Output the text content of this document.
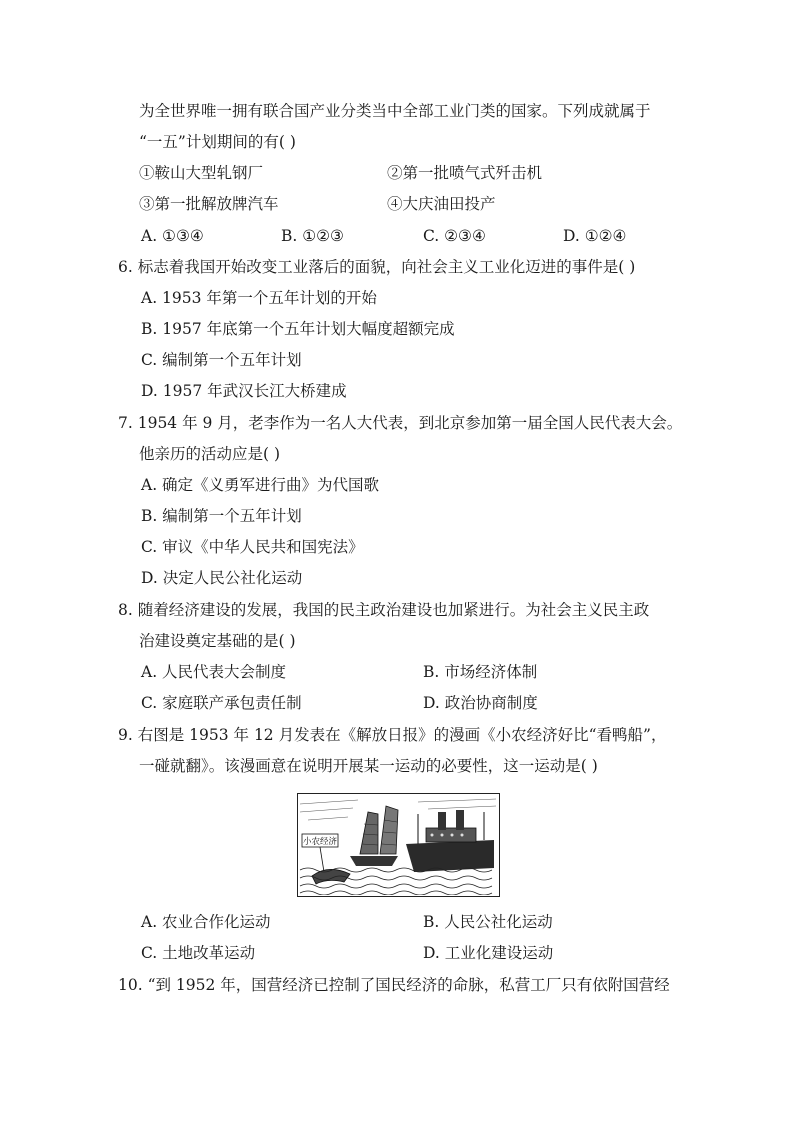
为全世界唯一拥有联合国产业分类当中全部工业门类的国家。下列成就属于
“一五”计划期间的有( )
①鞍山大型轧钢厂	②第一批喷气式歼击机
③第一批解放牌汽车	④大庆油田投产
A. ①③④	B. ①②③	C. ②③④	D. ①②④
6. 标志着我国开始改变工业落后的面貌，向社会主义工业化迈进的事件是( )
A. 1953 年第一个五年计划的开始
B. 1957 年底第一个五年计划大幅度超额完成
C. 编制第一个五年计划
D. 1957 年武汉长江大桥建成
7. 1954 年 9 月，老李作为一名人大代表，到北京参加第一届全国人民代表大会。
他亲历的活动应是( )
A. 确定《义勇军进行曲》为代国歌
B. 编制第一个五年计划
C. 审议《中华人民共和国宪法》
D. 决定人民公社化运动
8. 随着经济建设的发展，我国的民主政治建设也加紧进行。为社会主义民主政
治建设奠定基础的是( )
A. 人民代表大会制度	B. 市场经济体制
C. 家庭联产承包责任制	D. 政治协商制度
9. 右图是 1953 年 12 月发表在《解放日报》的漫画《小农经济好比“看鸭船”，
一碰就翻》。该漫画意在说明开展某一运动的必要性，这一运动是( )
小农经济
A. 农业合作化运动	B. 人民公社化运动
C. 土地改革运动	D. 工业化建设运动
10. “到 1952 年，国营经济已控制了国民经济的命脉，私营工厂只有依附国营经
